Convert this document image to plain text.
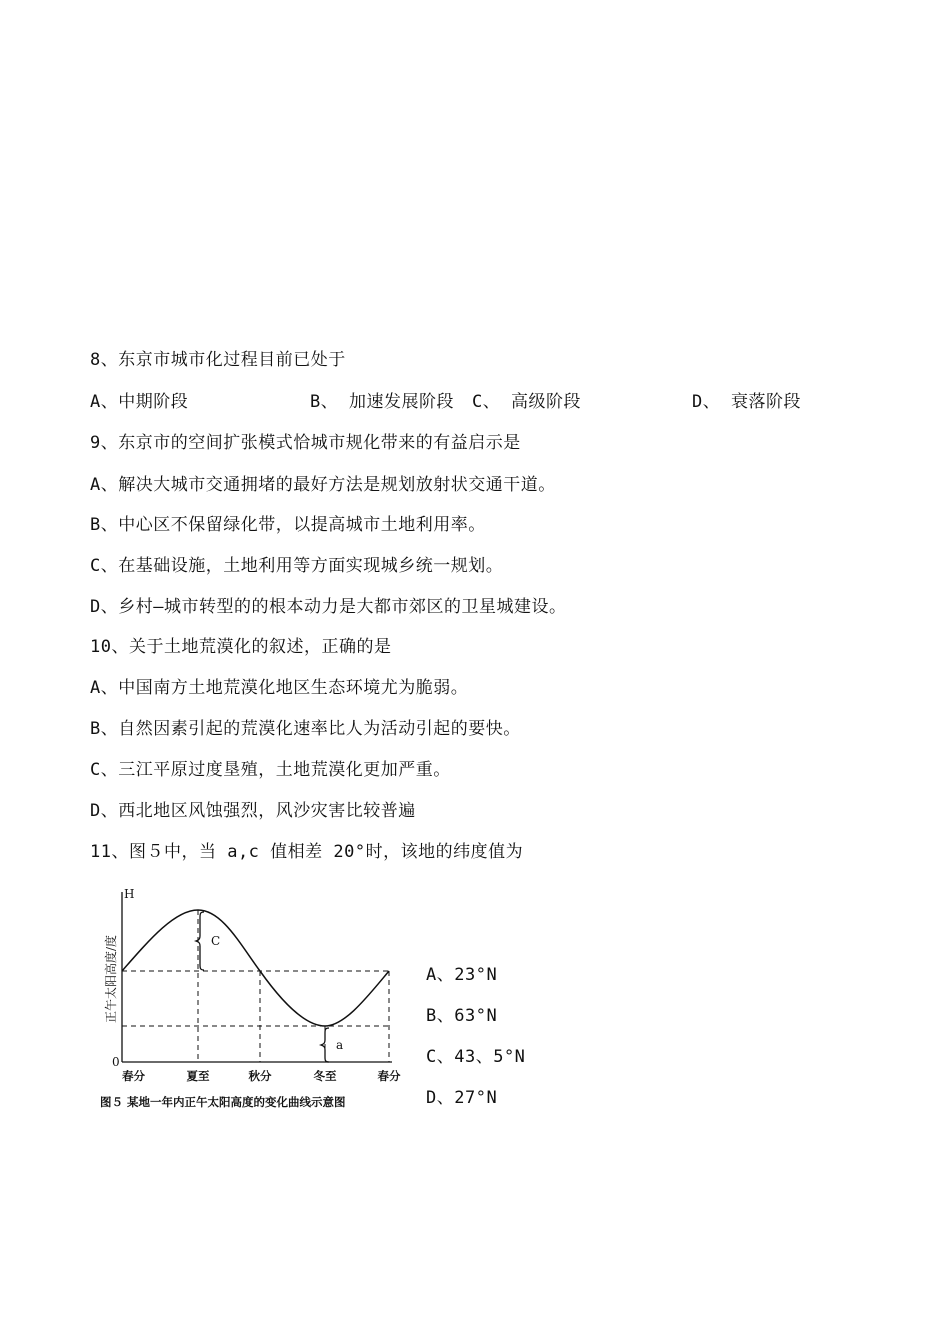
8、东京市城市化过程目前已处于
A、中期阶段	B、 加速发展阶段 C、 高级阶段	D、 衰落阶段
9、东京市的空间扩张模式恰城市规化带来的有益启示是
A、解决大城市交通拥堵的最好方法是规划放射状交通干道。
B、中心区不保留绿化带，以提高城市土地利用率。
C、在基础设施，土地利用等方面实现城乡统一规划。
D、乡村—城市转型的的根本动力是大都市郊区的卫星城建设。
10、关于土地荒漠化的叙述，正确的是
A、中国南方土地荒漠化地区生态环境尤为脆弱。
B、自然因素引起的荒漠化速率比人为活动引起的要快。
C、三江平原过度垦殖，土地荒漠化更加严重。
D、西北地区风蚀强烈，风沙灾害比较普遍
11、图５中，当 a,c 值相差 20°时，该地的纬度值为
H
0
C
a
正午太阳高度/度
春分	夏至	秋分	冬至	春分
图５ 某地一年内正午太阳高度的变化曲线示意图
A、23°N
B、63°N
C、43、5°N
D、27°N
